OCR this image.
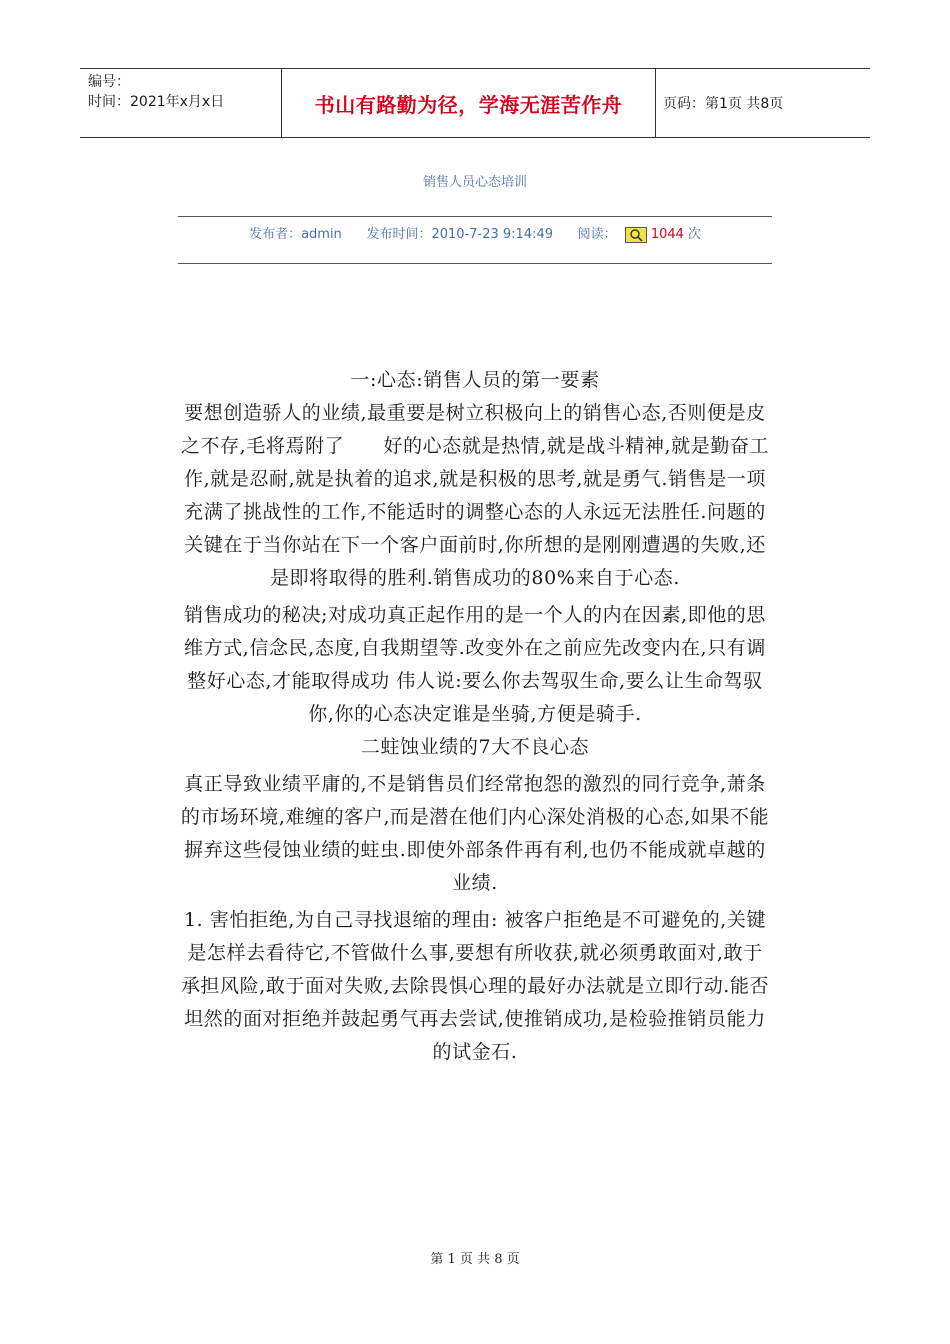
编号：
时间：2021年x月x日	书山有路勤为径，学海无涯苦作舟	页码：第1页 共8页
销售人员心态培训
发布者：admin 发布时间：2010-7-23 9:14:49 阅读：	1044 次

一:心态:销售人员的第一要素

要想创造骄人的业绩,最重要是树立积极向上的销售心态,否则便是皮之不存,毛将焉附了　　好的心态就是热情,就是战斗精神,就是勤奋工作,就是忍耐,就是执着的追求,就是积极的思考,就是勇气.销售是一项充满了挑战性的工作,不能适时的调整心态的人永远无法胜任.问题的关键在于当你站在下一个客户面前时,你所想的是刚刚遭遇的失败,还是即将取得的胜利.销售成功的80%来自于心态.

销售成功的秘决;对成功真正起作用的是一个人的内在因素,即他的思维方式,信念民,态度,自我期望等.改变外在之前应先改变内在,只有调整好心态,才能取得成功 伟人说:要么你去驾驭生命,要么让生命驾驭你,你的心态决定谁是坐骑,方便是骑手.

二蛀蚀业绩的7大不良心态

真正导致业绩平庸的,不是销售员们经常抱怨的激烈的同行竞争,萧条的市场环境,难缠的客户,而是潜在他们内心深处消极的心态,如果不能摒弃这些侵蚀业绩的蛀虫.即使外部条件再有利,也仍不能成就卓越的业绩.

1. 害怕拒绝,为自己寻找退缩的理由: 被客户拒绝是不可避免的,关键是怎样去看待它,不管做什么事,要想有所收获,就必须勇敢面对,敢于承担风险,敢于面对失败,去除畏惧心理的最好办法就是立即行动.能否坦然的面对拒绝并鼓起勇气再去尝试,使推销成功,是检验推销员能力的试金石.

第 1 页 共 8 页
